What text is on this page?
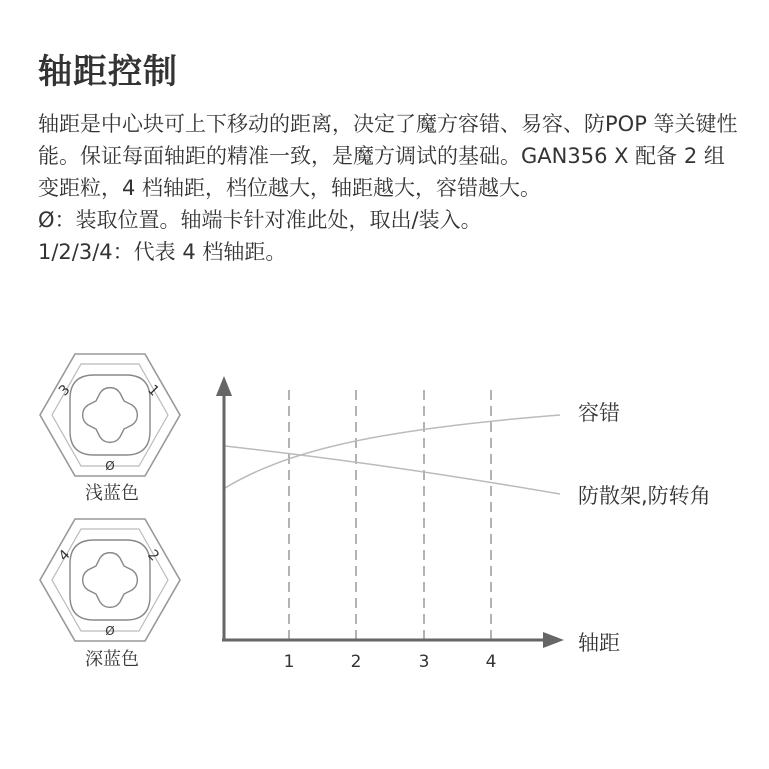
轴距控制

轴距是中心块可上下移动的距离，决定了魔方容错、易容、防POP 等关键性能。保证每面轴距的精准一致，是魔方调试的基础。GAN356 X 配备 2 组变距粒，4 档轴距，档位越大，轴距越大，容错越大。

Ø：装取位置。轴端卡针对准此处，取出/装入。

1/2/3/4：代表 4 档轴距。

3	1
Ø
浅蓝色
4	2
Ø
深蓝色	1	2	3	4
轴距
容错
防散架,防转角
